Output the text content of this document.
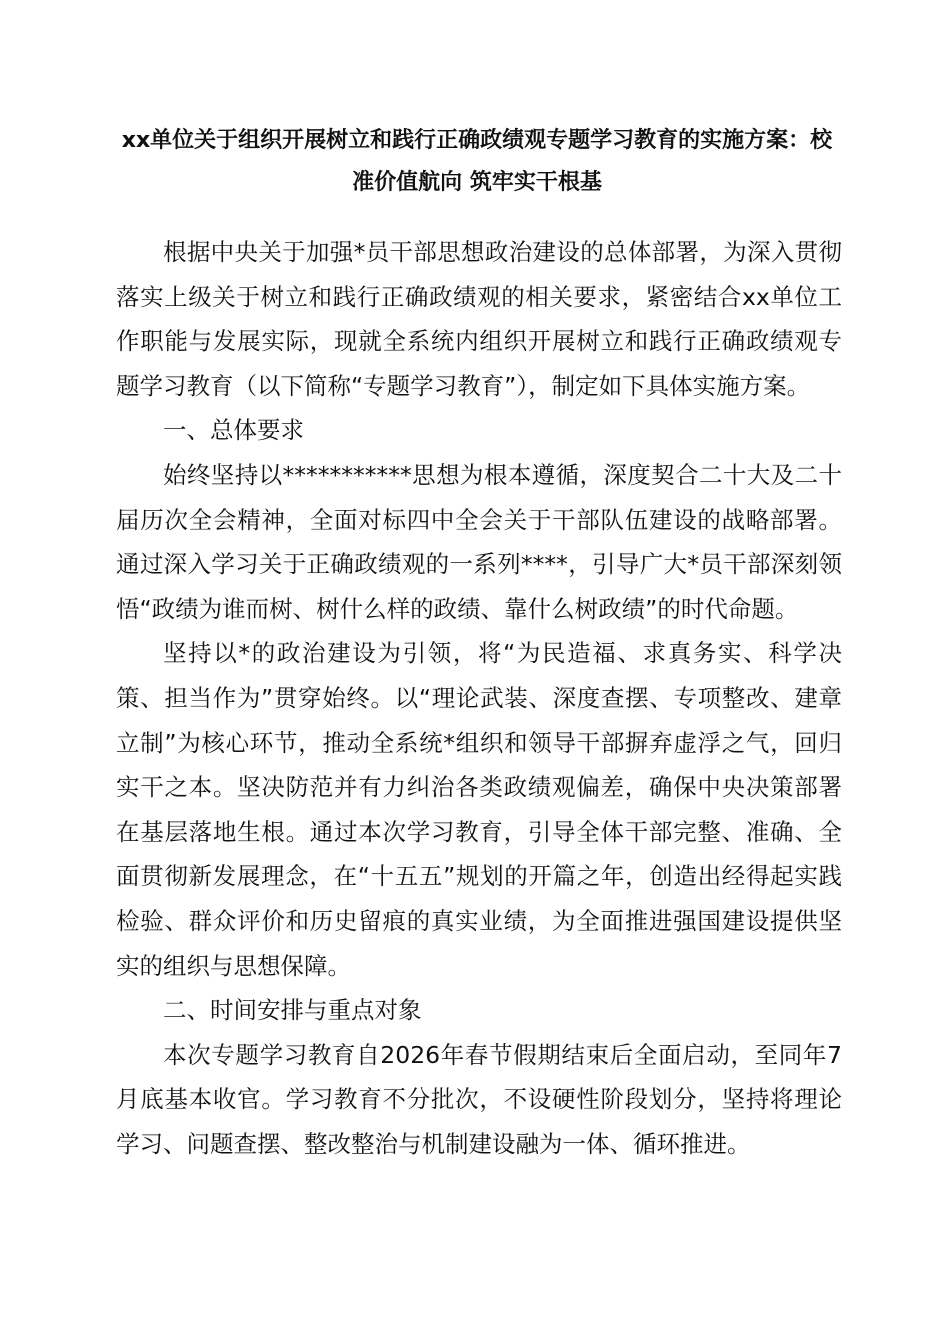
xx单位关于组织开展树立和践行正确政绩观专题学习教育的实施方案：校准价值航向 筑牢实干根基

根据中央关于加强*员干部思想政治建设的总体部署，为深入贯彻落实上级关于树立和践行正确政绩观的相关要求，紧密结合xx单位工作职能与发展实际，现就全系统内组织开展树立和践行正确政绩观专题学习教育（以下简称“专题学习教育”），制定如下具体实施方案。

一、总体要求

始终坚持以***********思想为根本遵循，深度契合二十大及二十届历次全会精神，全面对标四中全会关于干部队伍建设的战略部署。通过深入学习关于正确政绩观的一系列****，引导广大*员干部深刻领悟“政绩为谁而树、树什么样的政绩、靠什么树政绩”的时代命题。

坚持以*的政治建设为引领，将“为民造福、求真务实、科学决策、担当作为”贯穿始终。以“理论武装、深度查摆、专项整改、建章立制”为核心环节，推动全系统*组织和领导干部摒弃虚浮之气，回归实干之本。坚决防范并有力纠治各类政绩观偏差，确保中央决策部署在基层落地生根。通过本次学习教育，引导全体干部完整、准确、全面贯彻新发展理念，在“十五五”规划的开篇之年，创造出经得起实践检验、群众评价和历史留痕的真实业绩，为全面推进强国建设提供坚实的组织与思想保障。

二、时间安排与重点对象

本次专题学习教育自2026年春节假期结束后全面启动，至同年7月底基本收官。学习教育不分批次，不设硬性阶段划分，坚持将理论学习、问题查摆、整改整治与机制建设融为一体、循环推进。
